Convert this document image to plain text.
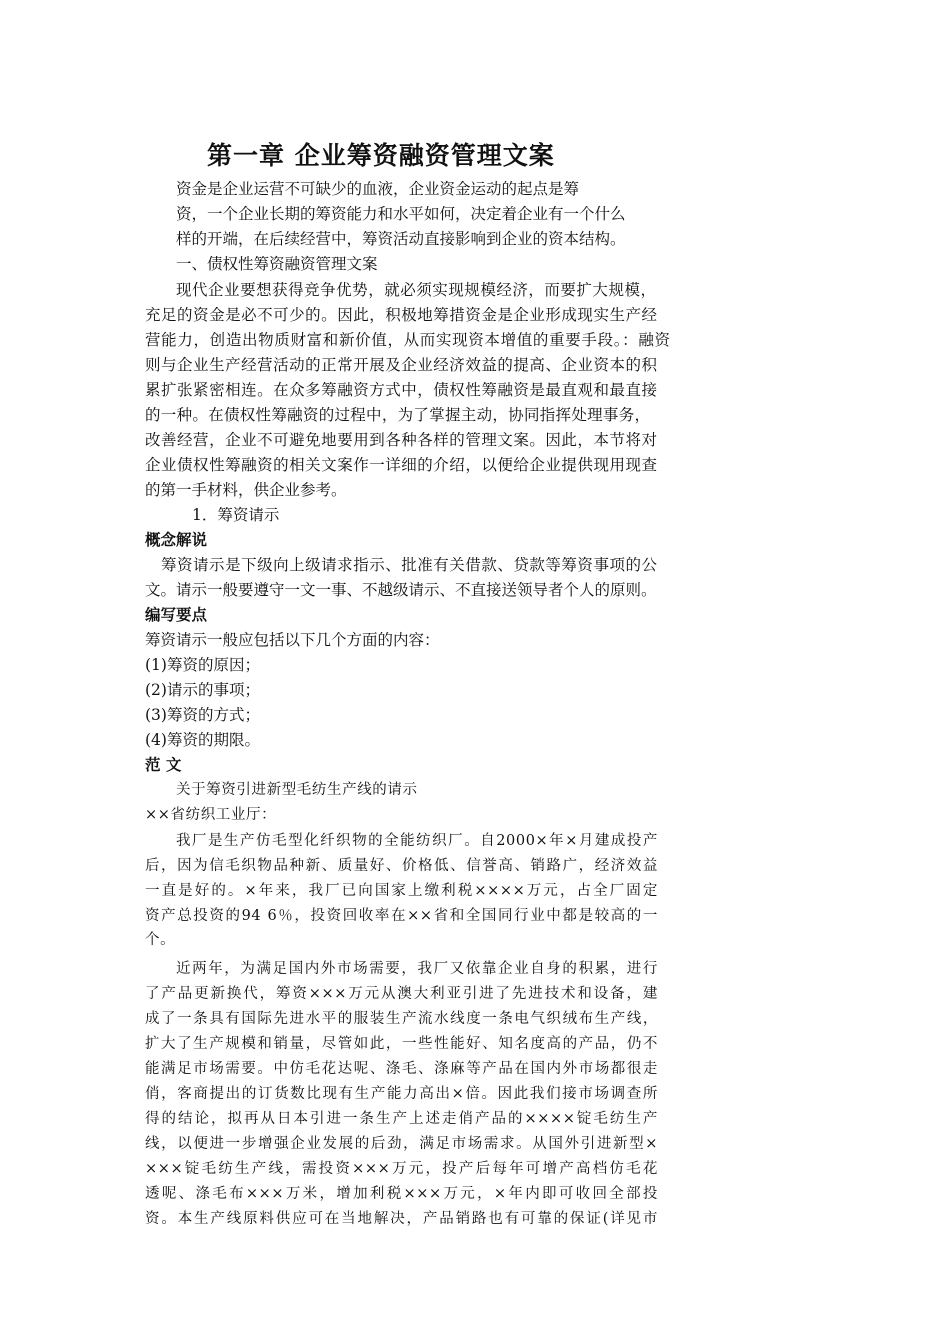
第一章 企业筹资融资管理文案
资金是企业运营不可缺少的血液，企业资金运动的起点是筹
资，一个企业长期的筹资能力和水平如何，决定着企业有一个什么
样的开端，在后续经营中，筹资活动直接影响到企业的资本结构。
一、债权性筹资融资管理文案
现代企业要想获得竞争优势，就必须实现规模经济，而要扩大规模，
充足的资金是必不可少的。因此，积极地筹措资金是企业形成现实生产经
营能力，创造出物质财富和新价值，从而实现资本增值的重要手段。：融资
则与企业生产经营活动的正常开展及企业经济效益的提高、企业资本的积
累扩张紧密相连。在众多筹融资方式中，债权性筹融资是最直观和最直接
的一种。在债权性筹融资的过程中，为了掌握主动，协同指挥处理事务，
改善经营，企业不可避免地要用到各种各样的管理文案。因此，本节将对
企业债权性筹融资的相关文案作一详细的介绍，以便给企业提供现用现查
的第一手材料，供企业参考。
1．筹资请示
概念解说
筹资请示是下级向上级请求指示、批准有关借款、贷款等筹资事项的公
文。请示一般要遵守一文一事、不越级请示、不直接送领导者个人的原则。
编写要点
筹资请示一般应包括以下几个方面的内容：
(1)筹资的原因；
(2)请示的事项；
(3)筹资的方式；
(4)筹资的期限。
范 文
关于筹资引进新型毛纺生产线的请示
××省纺织工业厅：
我厂是生产仿毛型化纤织物的全能纺织厂。自2000×年×月建成投产
后，因为信毛织物品种新、质量好、价格低、信誉高、销路广，经济效益
一直是好的。×年来，我厂已向国家上缴利税××××万元，占全厂固定
资产总投资的94 6％，投资回收率在××省和全国同行业中都是较高的一
个。
近两年，为满足国内外市场需要，我厂又依靠企业自身的积累，进行
了产品更新换代，筹资×××万元从澳大利亚引进了先进技术和设备，建
成了一条具有国际先进水平的服装生产流水线度一条电气织绒布生产线，
扩大了生产规模和销量，尽管如此，一些性能好、知名度高的产品，仍不
能满足市场需要。中仿毛花达呢、涤毛、涤麻等产品在国内外市场都很走
俏，客商提出的订货数比现有生产能力高出×倍。因此我们接市场调查所
得的结论，拟再从日本引进一条生产上述走俏产品的××××锭毛纺生产
线，以便进一步增强企业发展的后劲，满足市场需求。从国外引进新型×
×××锭毛纺生产线，需投资×××万元，投产后每年可增产高档仿毛花
透呢、涤毛布×××万米，增加利税×××万元，×年内即可收回全部投
资。本生产线原料供应可在当地解决，产品销路也有可靠的保证(详见市
